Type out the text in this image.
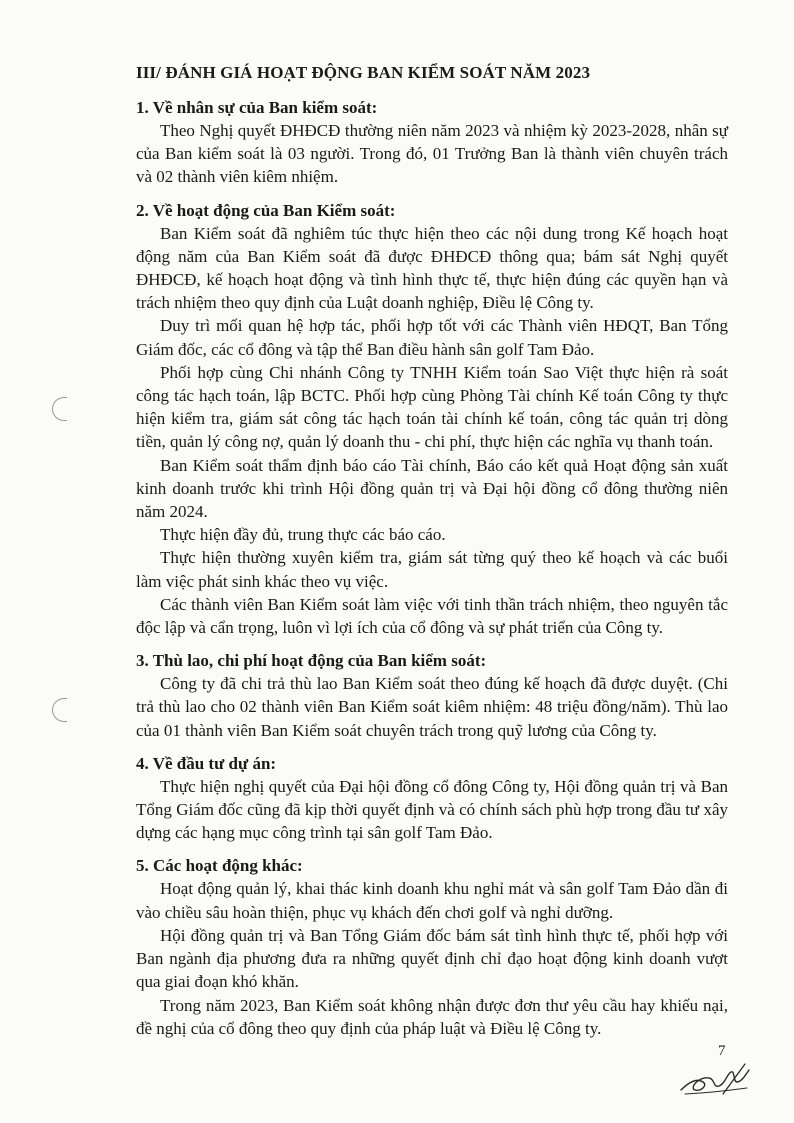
III/ ĐÁNH GIÁ HOẠT ĐỘNG BAN KIỂM SOÁT NĂM 2023
1. Về nhân sự của Ban kiểm soát:

Theo Nghị quyết ĐHĐCĐ thường niên năm 2023 và nhiệm kỳ 2023-2028, nhân sự của Ban kiểm soát là 03 người. Trong đó, 01 Trưởng Ban là thành viên chuyên trách và 02 thành viên kiêm nhiệm.

2. Về hoạt động của Ban Kiểm soát:

Ban Kiểm soát đã nghiêm túc thực hiện theo các nội dung trong Kế hoạch hoạt động năm của Ban Kiểm soát đã được ĐHĐCĐ thông qua; bám sát Nghị quyết ĐHĐCĐ, kế hoạch hoạt động và tình hình thực tế, thực hiện đúng các quyền hạn và trách nhiệm theo quy định của Luật doanh nghiệp, Điều lệ Công ty.

Duy trì mối quan hệ hợp tác, phối hợp tốt với các Thành viên HĐQT, Ban Tổng Giám đốc, các cổ đông và tập thể Ban điều hành sân golf Tam Đảo.

Phối hợp cùng Chi nhánh Công ty TNHH Kiểm toán Sao Việt thực hiện rà soát công tác hạch toán, lập BCTC. Phối hợp cùng Phòng Tài chính Kế toán Công ty thực hiện kiểm tra, giám sát công tác hạch toán tài chính kế toán, công tác quản trị dòng tiền, quản lý công nợ, quản lý doanh thu - chi phí, thực hiện các nghĩa vụ thanh toán.

Ban Kiểm soát thẩm định báo cáo Tài chính, Báo cáo kết quả Hoạt động sản xuất kinh doanh trước khi trình Hội đồng quản trị và Đại hội đồng cổ đông thường niên năm 2024.

Thực hiện đầy đủ, trung thực các báo cáo.

Thực hiện thường xuyên kiểm tra, giám sát từng quý theo kế hoạch và các buổi làm việc phát sinh khác theo vụ việc.

Các thành viên Ban Kiểm soát làm việc với tinh thần trách nhiệm, theo nguyên tắc độc lập và cẩn trọng, luôn vì lợi ích của cổ đông và sự phát triển của Công ty.

3. Thù lao, chi phí hoạt động của Ban kiểm soát:

Công ty đã chi trả thù lao Ban Kiểm soát theo đúng kế hoạch đã được duyệt. (Chi trả thù lao cho 02 thành viên Ban Kiểm soát kiêm nhiệm: 48 triệu đồng/năm). Thù lao của 01 thành viên Ban Kiểm soát chuyên trách trong quỹ lương của Công ty.

4. Về đầu tư dự án:

Thực hiện nghị quyết của Đại hội đồng cổ đông Công ty, Hội đồng quản trị và Ban Tổng Giám đốc cũng đã kịp thời quyết định và có chính sách phù hợp trong đầu tư xây dựng các hạng mục công trình tại sân golf Tam Đảo.

5. Các hoạt động khác:

Hoạt động quản lý, khai thác kinh doanh khu nghỉ mát và sân golf Tam Đảo dần đi vào chiều sâu hoàn thiện, phục vụ khách đến chơi golf và nghỉ dưỡng.

Hội đồng quản trị và Ban Tổng Giám đốc bám sát tình hình thực tế, phối hợp với Ban ngành địa phương đưa ra những quyết định chỉ đạo hoạt động kinh doanh vượt qua giai đoạn khó khăn.

Trong năm 2023, Ban Kiểm soát không nhận được đơn thư yêu cầu hay khiếu nại, đề nghị của cổ đông theo quy định của pháp luật và Điều lệ Công ty.

7
